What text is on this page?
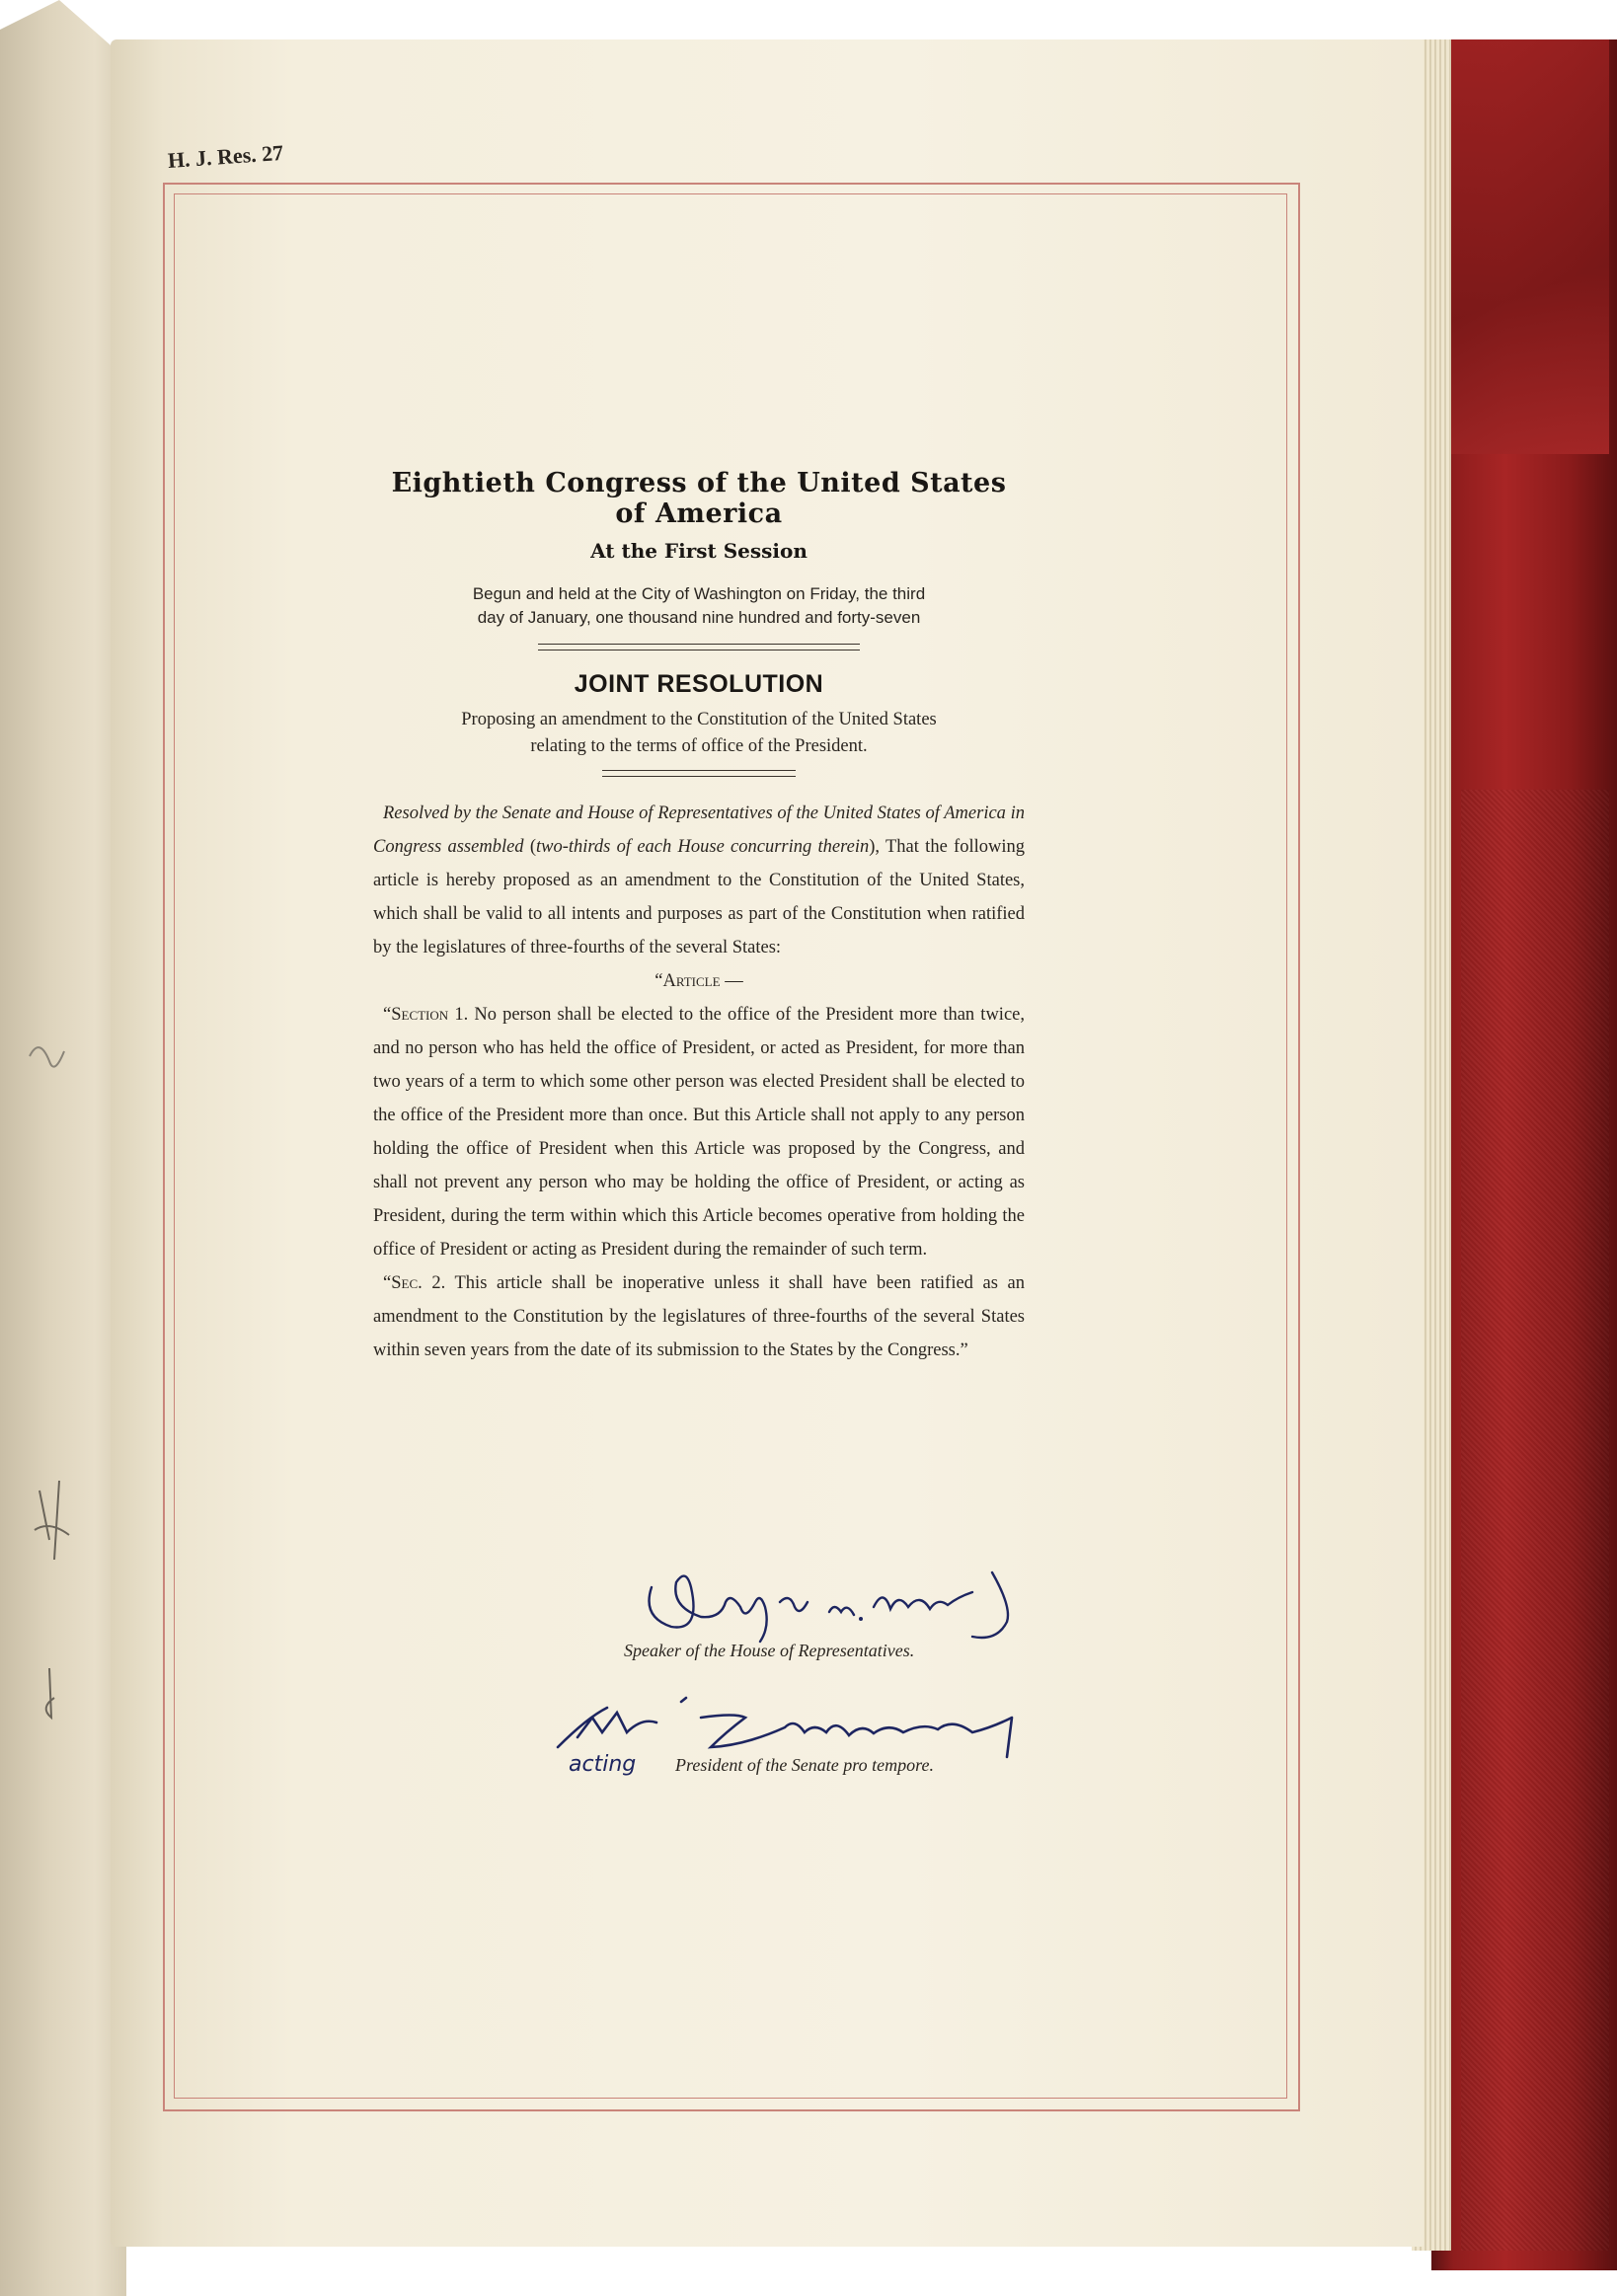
H. J. Res. 27
Eightieth Congress of the United States of America
At the First Session
Begun and held at the City of Washington on Friday, the third
day of January, one thousand nine hundred and forty-seven
JOINT RESOLUTION
Proposing an amendment to the Constitution of the United States
relating to the terms of office of the President.

Resolved by the Senate and House of Representatives of the United States of America in Congress assembled (two-thirds of each House concurring therein), That the following article is hereby proposed as an amendment to the Constitution of the United States, which shall be valid to all intents and purposes as part of the Constitution when ratified by the legislatures of three-fourths of the several States:

“Article —

“Section 1. No person shall be elected to the office of the President more than twice, and no person who has held the office of President, or acted as President, for more than two years of a term to which some other person was elected President shall be elected to the office of the President more than once. But this Article shall not apply to any person holding the office of President when this Article was proposed by the Congress, and shall not prevent any person who may be holding the office of President, or acting as President, during the term within which this Article becomes operative from holding the office of President or acting as President during the remainder of such term.

“Sec. 2. This article shall be inoperative unless it shall have been ratified as an amendment to the Constitution by the legislatures of three-fourths of the several States within seven years from the date of its submission to the States by the Congress.”

Speaker of the House of Representatives.
acting President of the Senate pro tempore.
